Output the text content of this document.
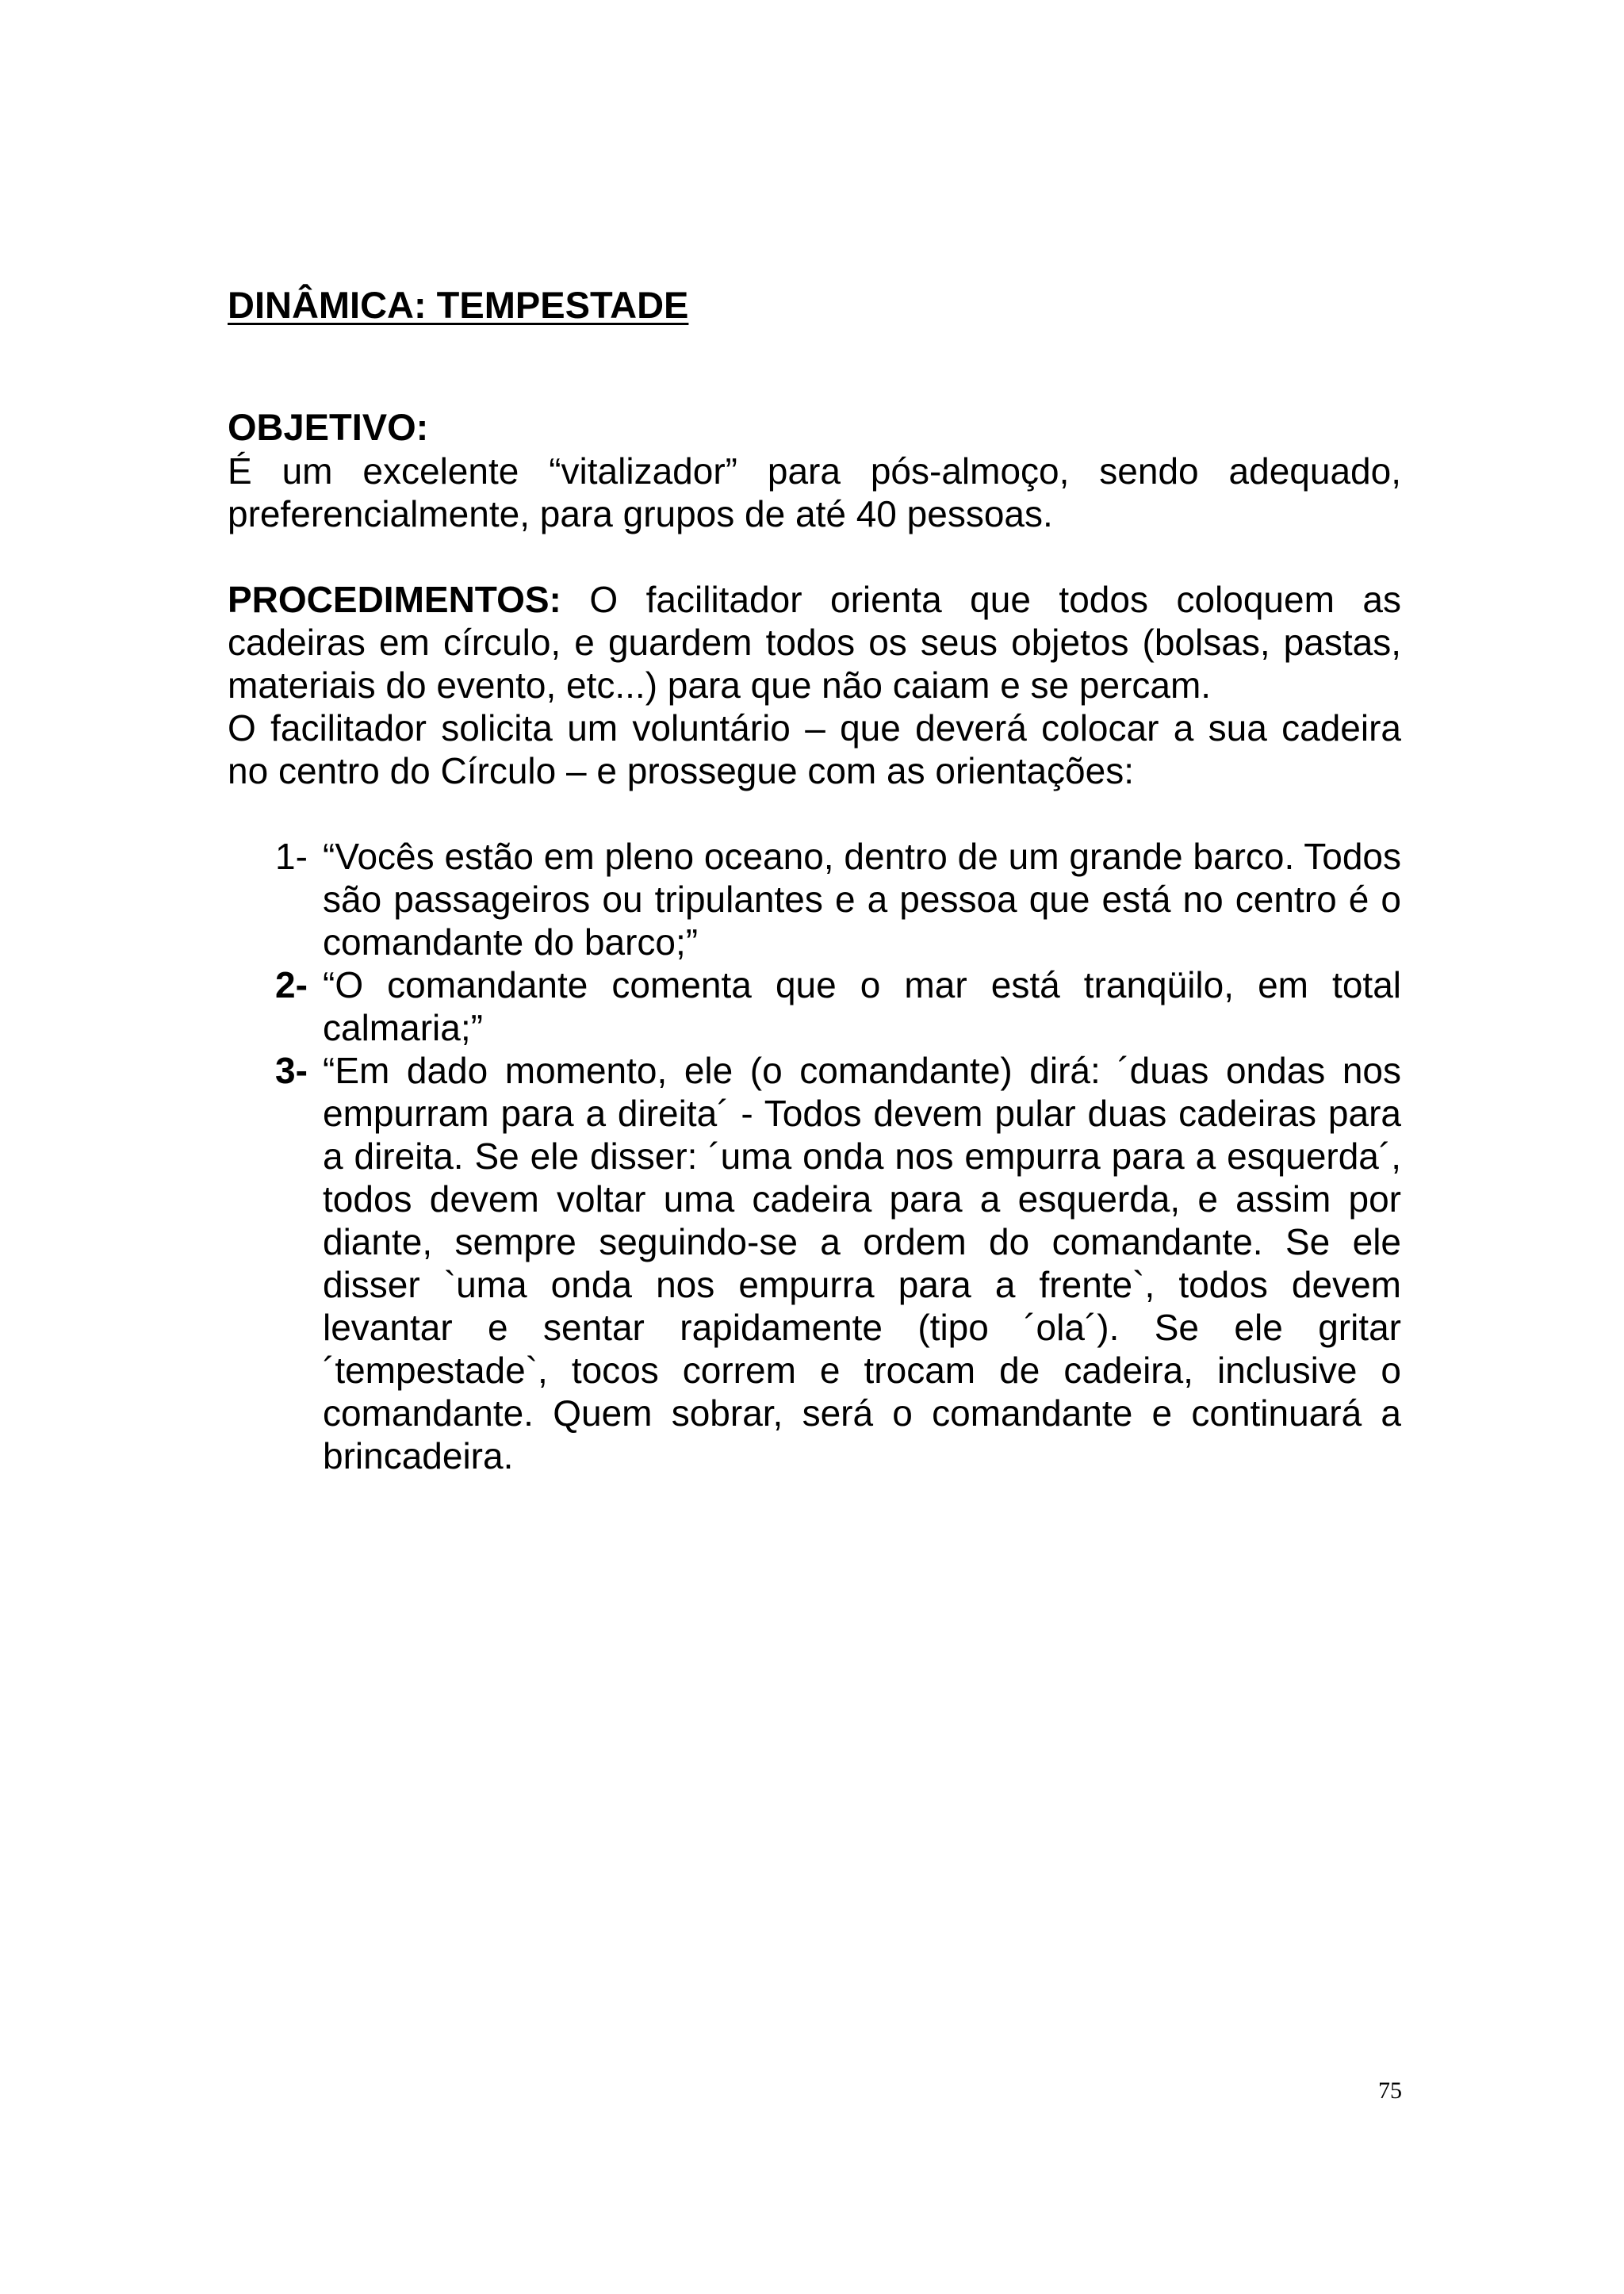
DINÂMICA: TEMPESTADE
OBJETIVO:

É um excelente “vitalizador” para pós-almoço, sendo adequado, preferencialmente, para grupos de até 40 pessoas.

PROCEDIMENTOS: O facilitador orienta que todos coloquem as cadeiras em círculo, e guardem todos os seus objetos (bolsas, pastas, materiais do evento, etc...) para que não caiam e se percam.

O facilitador solicita um voluntário – que deverá colocar a sua cadeira no centro do Círculo – e prossegue com as orientações:

1- “Vocês estão em pleno oceano, dentro de um grande barco. Todos são passageiros ou tripulantes e a pessoa que está no centro é o comandante do barco;”
2- “O comandante comenta que o mar está tranqüilo, em total calmaria;”
3- “Em dado momento, ele (o comandante) dirá: ´duas ondas nos empurram para a direita´ - Todos devem pular duas cadeiras para a direita. Se ele disser: ´uma onda nos empurra para a esquerda´, todos devem voltar uma cadeira para a esquerda, e assim por diante, sempre seguindo-se a ordem do comandante. Se ele disser `uma onda nos empurra para a frente`, todos devem levantar e sentar rapidamente (tipo ´ola´). Se ele gritar ´tempestade`, tocos correm e trocam de cadeira, inclusive o comandante. Quem sobrar, será o comandante e continuará a brincadeira.
75
